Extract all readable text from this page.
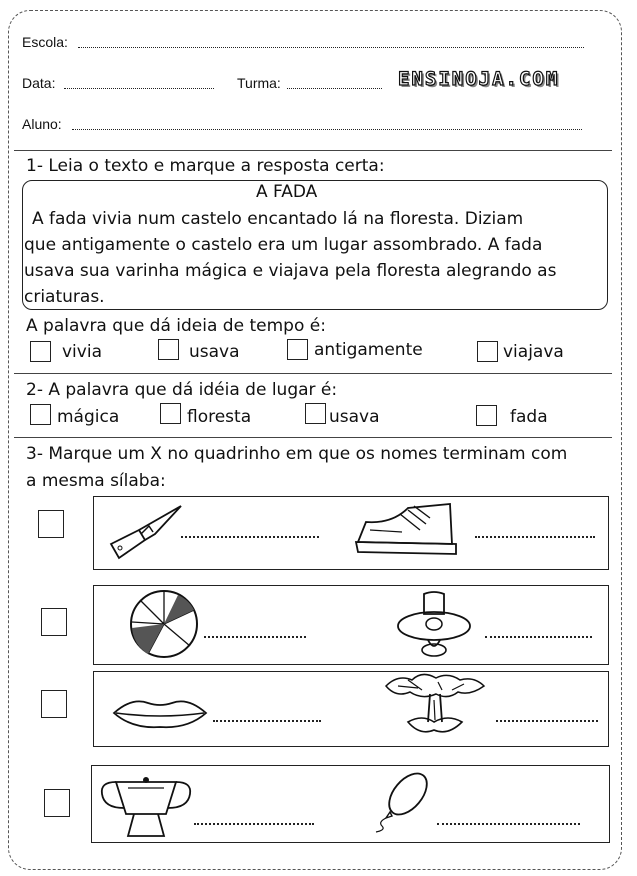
Escola:
Data:	Turma:	ENSINOJA.COM
Aluno:
1- Leia o texto e marque a resposta certa:
A FADA
A fada vivia num castelo encantado lá na floresta. Diziam
que antigamente o castelo era um lugar assombrado. A fada
usava sua varinha mágica e viajava pela floresta alegrando as
criaturas.
A palavra que dá ideia de tempo é:
vivia	usava	antigamente	viajava
2- A palavra que dá idéia de lugar é:
mágica	floresta	usava	fada
3- Marque um X no quadrinho em que os nomes terminam com
a mesma sílaba:
